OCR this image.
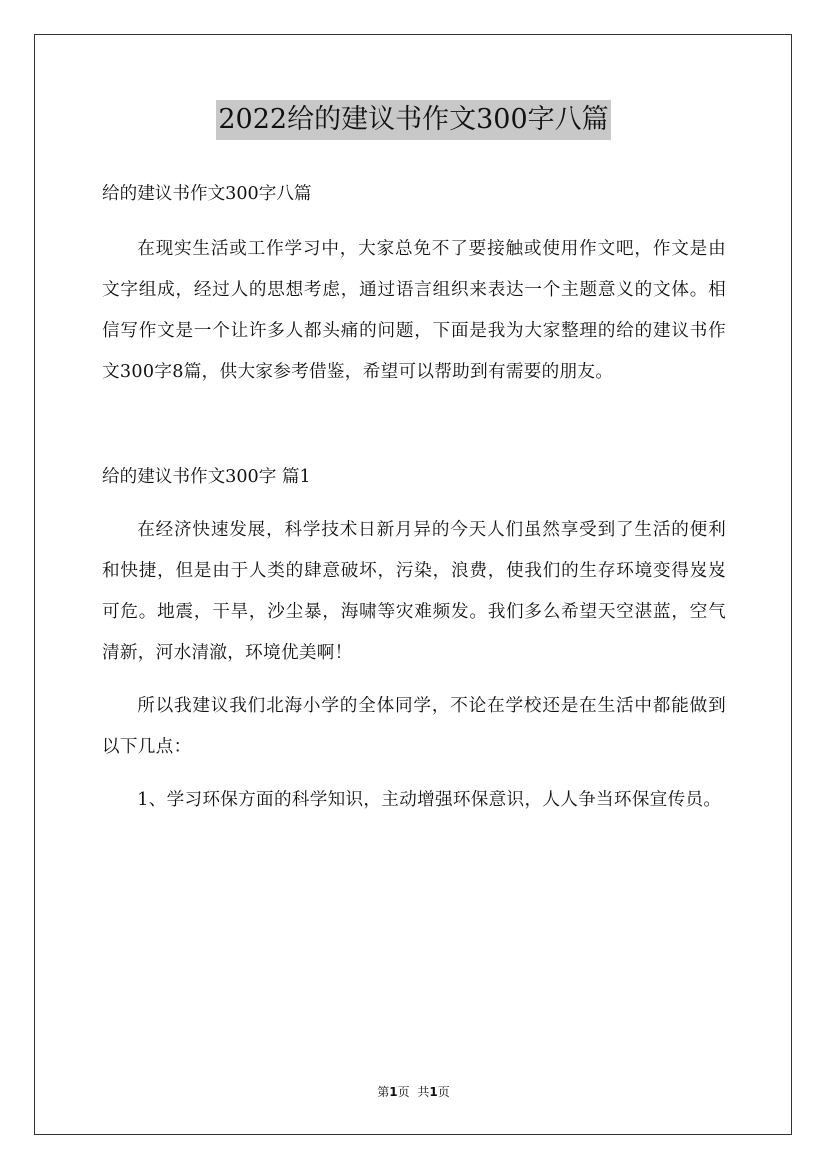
2022给的建议书作文300字八篇

给的建议书作文300字八篇

在现实生活或工作学习中，大家总免不了要接触或使用作文吧，作文是由文字组成，经过人的思想考虑，通过语言组织来表达一个主题意义的文体。相信写作文是一个让许多人都头痛的问题，下面是我为大家整理的给的建议书作文300字8篇，供大家参考借鉴，希望可以帮助到有需要的朋友。

给的建议书作文300字 篇1

在经济快速发展，科学技术日新月异的今天人们虽然享受到了生活的便利和快捷，但是由于人类的肆意破坏，污染，浪费，使我们的生存环境变得岌岌可危。地震，干旱，沙尘暴，海啸等灾难频发。我们多么希望天空湛蓝，空气清新，河水清澈，环境优美啊！

所以我建议我们北海小学的全体同学，不论在学校还是在生活中都能做到以下几点：

1、学习环保方面的科学知识，主动增强环保意识，人人争当环保宣传员。

第1页 共1页
